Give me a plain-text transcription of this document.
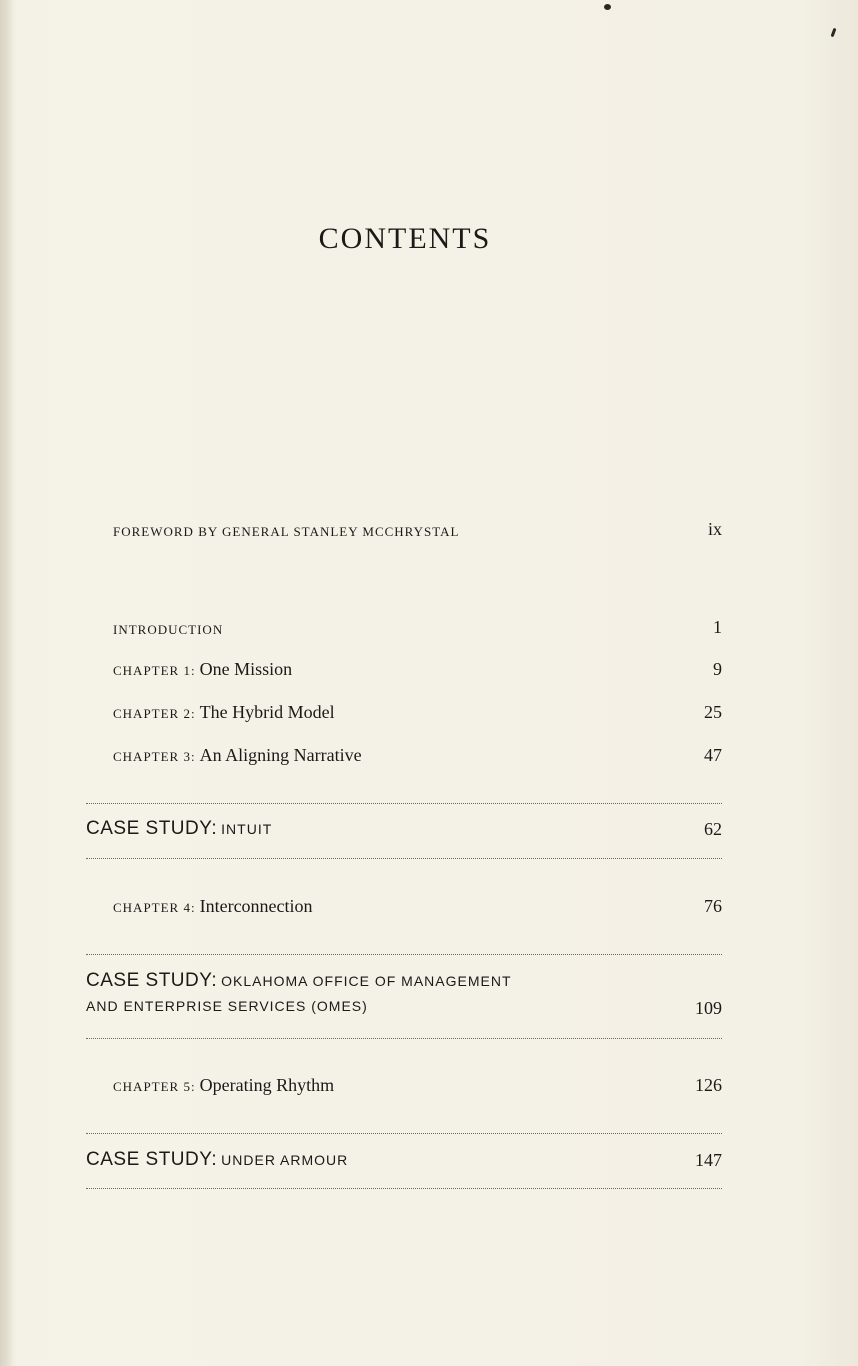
CONTENTS
FOREWORD BY GENERAL STANLEY MCCHRYSTAL	ix
INTRODUCTION	1
CHAPTER 1: One Mission	9
CHAPTER 2: The Hybrid Model	25
CHAPTER 3: An Aligning Narrative	47
CASE STUDY: INTUIT	62
CHAPTER 4: Interconnection	76
CASE STUDY: OKLAHOMA OFFICE OF MANAGEMENT
AND ENTERPRISE SERVICES (OMES)	109
CHAPTER 5: Operating Rhythm	126
CASE STUDY: UNDER ARMOUR	147
